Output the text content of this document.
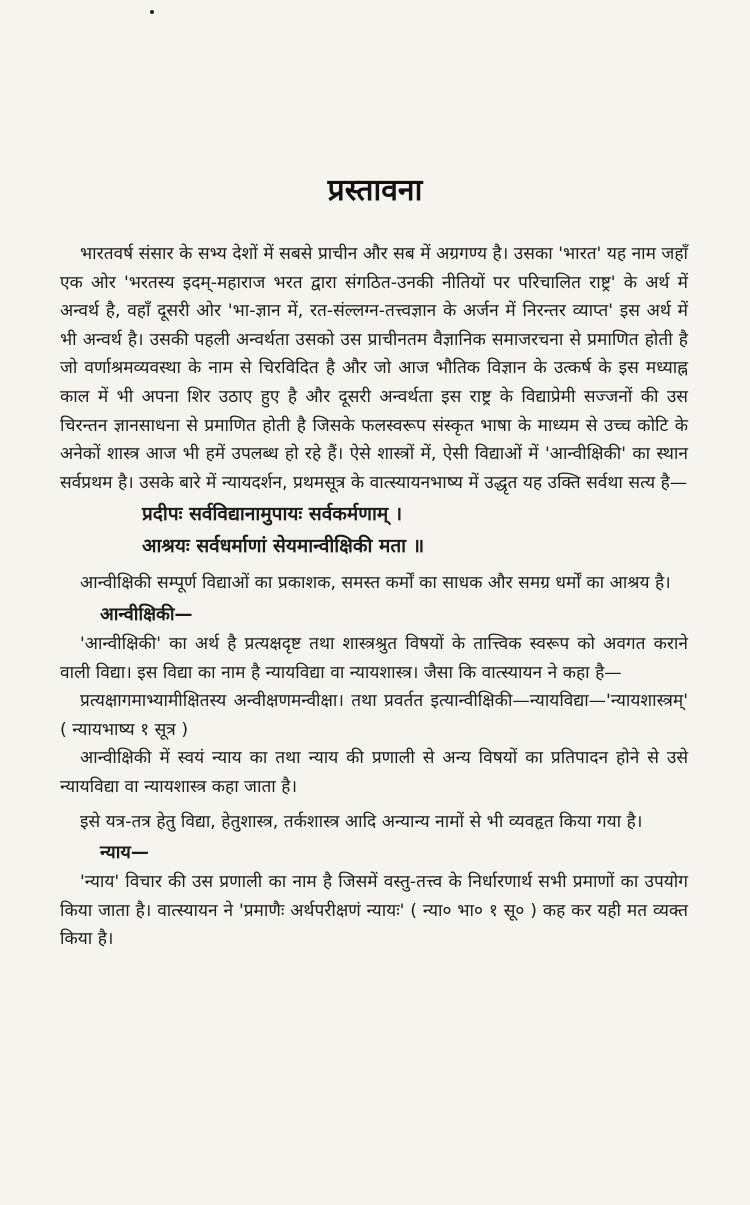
प्रस्तावना

भारतवर्ष संसार के सभ्य देशों में सबसे प्राचीन और सब में अग्रगण्य है। उसका 'भारत' यह नाम जहाँ एक ओर 'भरतस्य इदम्-महाराज भरत द्वारा संगठित-उनकी नीतियों पर परिचालित राष्ट्र' के अर्थ में अन्वर्थ है, वहाँ दूसरी ओर 'भा-ज्ञान में, रत-संल्लग्न-तत्त्वज्ञान के अर्जन में निरन्तर व्याप्त' इस अर्थ में भी अन्वर्थ है। उसकी पहली अन्वर्थता उसको उस प्राचीनतम वैज्ञानिक समाजरचना से प्रमाणित होती है जो वर्णाश्रमव्यवस्था के नाम से चिरविदित है और जो आज भौतिक विज्ञान के उत्कर्ष के इस मध्याह्न काल में भी अपना शिर उठाए हुए है और दूसरी अन्वर्थता इस राष्ट्र के विद्याप्रेमी सज्जनों की उस चिरन्तन ज्ञानसाधना से प्रमाणित होती है जिसके फलस्वरूप संस्कृत भाषा के माध्यम से उच्च कोटि के अनेकों शास्त्र आज भी हमें उपलब्ध हो रहे हैं। ऐसे शास्त्रों में, ऐसी विद्याओं में 'आन्वीक्षिकी' का स्थान सर्वप्रथम है। उसके बारे में न्यायदर्शन, प्रथमसूत्र के वात्स्यायनभाष्य में उद्धृत यह उक्ति सर्वथा सत्य है—

प्रदीपः सर्वविद्यानामुपायः सर्वकर्मणाम् ।
आश्रयः सर्वधर्माणां सेयमान्वीक्षिकी मता ॥

आन्वीक्षिकी सम्पूर्ण विद्याओं का प्रकाशक, समस्त कर्मों का साधक और समग्र धर्मों का आश्रय है।

आन्वीक्षिकी—

'आन्वीक्षिकी' का अर्थ है प्रत्यक्षदृष्ट तथा शास्त्रश्रुत विषयों के तात्त्विक स्वरूप को अवगत कराने वाली विद्या। इस विद्या का नाम है न्यायविद्या वा न्यायशास्त्र। जैसा कि वात्स्यायन ने कहा है—

प्रत्यक्षागमाभ्यामीक्षितस्य अन्वीक्षणमन्वीक्षा। तथा प्रवर्तत इत्यान्वीक्षिकी—न्यायविद्या—'न्यायशास्त्रम्' ( न्यायभाष्य १ सूत्र )

आन्वीक्षिकी में स्वयं न्याय का तथा न्याय की प्रणाली से अन्य विषयों का प्रतिपादन होने से उसे न्यायविद्या वा न्यायशास्त्र कहा जाता है।

इसे यत्र-तत्र हेतु विद्या, हेतुशास्त्र, तर्कशास्त्र आदि अन्यान्य नामों से भी व्यवहृत किया गया है।

न्याय—

'न्याय' विचार की उस प्रणाली का नाम है जिसमें वस्तु-तत्त्व के निर्धारणार्थ सभी प्रमाणों का उपयोग किया जाता है। वात्स्यायन ने 'प्रमाणैः अर्थपरीक्षणं न्यायः' ( न्या० भा० १ सू० ) कह कर यही मत व्यक्त किया है।
